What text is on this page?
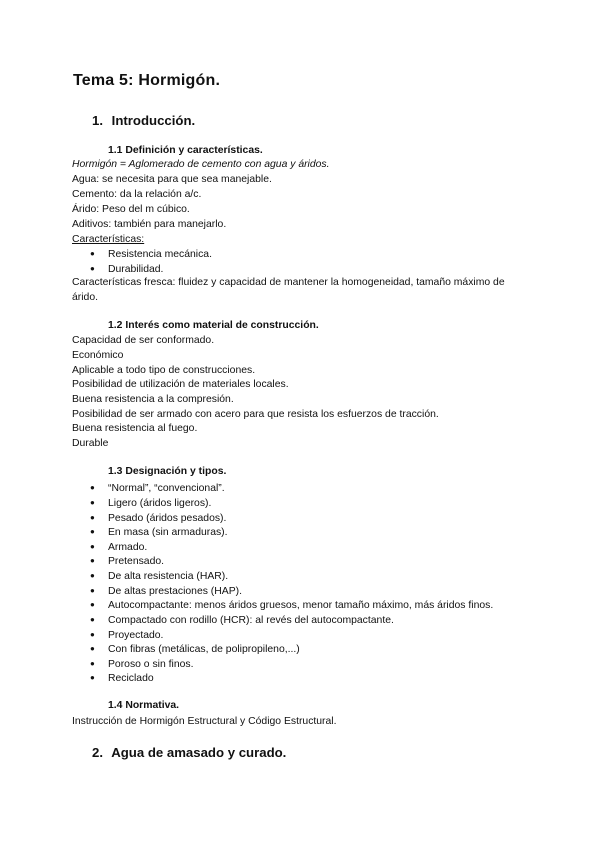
Tema 5: Hormigón.
1. Introducción.
1.1 Definición y características.
Hormigón = Aglomerado de cemento con agua y áridos.
Agua: se necesita para que sea manejable.
Cemento: da la relación a/c.
Árido: Peso del m cúbico.
Aditivos: también para manejarlo.
Características:
● Resistencia mecánica.
● Durabilidad.
Características fresca: fluidez y capacidad de mantener la homogeneidad, tamaño máximo de árido.
1.2 Interés como material de construcción.
Capacidad de ser conformado.
Económico
Aplicable a todo tipo de construcciones.
Posibilidad de utilización de materiales locales.
Buena resistencia a la compresión.
Posibilidad de ser armado con acero para que resista los esfuerzos de tracción.
Buena resistencia al fuego.
Durable
1.3 Designación y tipos.
● “Normal”, “convencional”.
● Ligero (áridos ligeros).
● Pesado (áridos pesados).
● En masa (sin armaduras).
● Armado.
● Pretensado.
● De alta resistencia (HAR).
● De altas prestaciones (HAP).
● Autocompactante: menos áridos gruesos, menor tamaño máximo, más áridos finos.
● Compactado con rodillo (HCR): al revés del autocompactante.
● Proyectado.
● Con fibras (metálicas, de polipropileno,...)
● Poroso o sin finos.
● Reciclado
1.4 Normativa.
Instrucción de Hormigón Estructural y Código Estructural.
2. Agua de amasado y curado.
